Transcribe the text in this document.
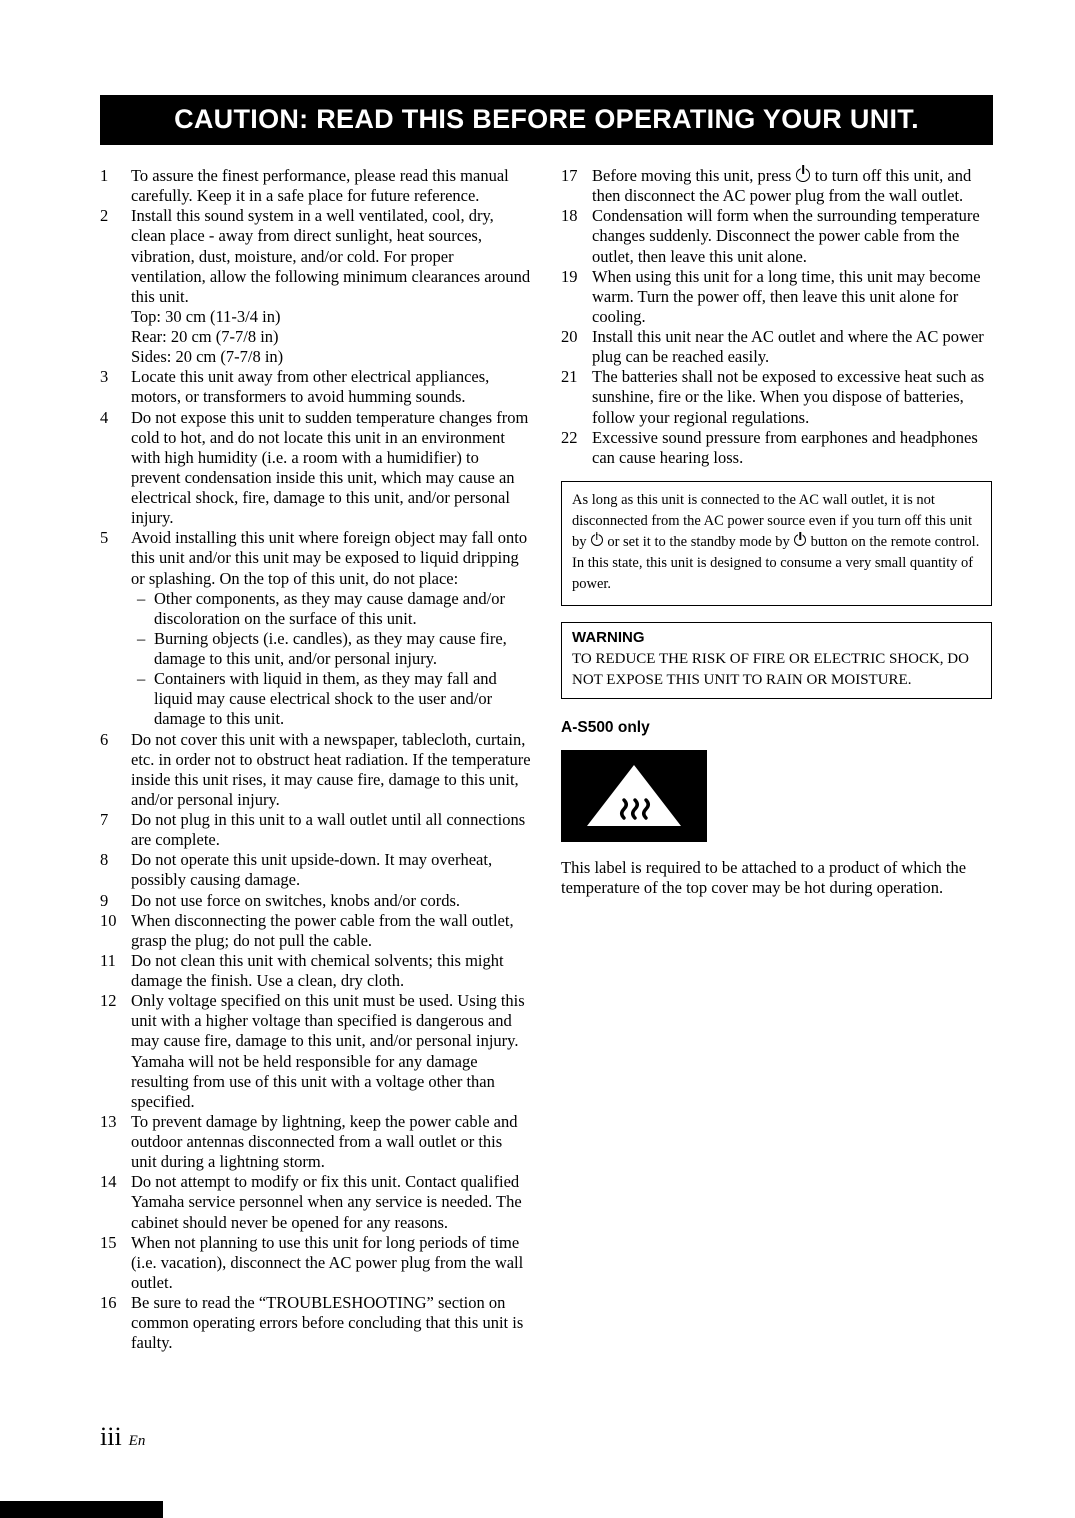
CAUTION: READ THIS BEFORE OPERATING YOUR UNIT.
1	To assure the finest performance, please read this manual carefully. Keep it in a safe place for future reference.
2	Install this sound system in a well ventilated, cool, dry, clean place - away from direct sunlight, heat sources, vibration, dust, moisture, and/or cold. For proper ventilation, allow the following minimum clearances around this unit.
Top: 30 cm (11-3/4 in)
Rear: 20 cm (7-7/8 in)
Sides: 20 cm (7-7/8 in)
3	Locate this unit away from other electrical appliances, motors, or transformers to avoid humming sounds.
4	Do not expose this unit to sudden temperature changes from cold to hot, and do not locate this unit in an environment with high humidity (i.e. a room with a humidifier) to prevent condensation inside this unit, which may cause an electrical shock, fire, damage to this unit, and/or personal injury.
5	Avoid installing this unit where foreign object may fall onto this unit and/or this unit may be exposed to liquid dripping or splashing. On the top of this unit, do not place:
– Other components, as they may cause damage and/or discoloration on the surface of this unit.
– Burning objects (i.e. candles), as they may cause fire, damage to this unit, and/or personal injury.
– Containers with liquid in them, as they may fall and liquid may cause electrical shock to the user and/or damage to this unit.
6	Do not cover this unit with a newspaper, tablecloth, curtain, etc. in order not to obstruct heat radiation. If the temperature inside this unit rises, it may cause fire, damage to this unit, and/or personal injury.
7	Do not plug in this unit to a wall outlet until all connections are complete.
8	Do not operate this unit upside-down. It may overheat, possibly causing damage.
9	Do not use force on switches, knobs and/or cords.
10 When disconnecting the power cable from the wall outlet, grasp the plug; do not pull the cable.
11 Do not clean this unit with chemical solvents; this might damage the finish. Use a clean, dry cloth.
12 Only voltage specified on this unit must be used. Using this unit with a higher voltage than specified is dangerous and may cause fire, damage to this unit, and/or personal injury. Yamaha will not be held responsible for any damage resulting from use of this unit with a voltage other than specified.
13 To prevent damage by lightning, keep the power cable and outdoor antennas disconnected from a wall outlet or this unit during a lightning storm.
14 Do not attempt to modify or fix this unit. Contact qualified Yamaha service personnel when any service is needed. The cabinet should never be opened for any reasons.
15 When not planning to use this unit for long periods of time (i.e. vacation), disconnect the AC power plug from the wall outlet.
16 Be sure to read the “TROUBLESHOOTING” section on common operating errors before concluding that this unit is faulty.
17 Before moving this unit, press to turn off this unit, and then disconnect the AC power plug from the wall outlet.
18 Condensation will form when the surrounding temperature changes suddenly. Disconnect the power cable from the outlet, then leave this unit alone.
19 When using this unit for a long time, this unit may become warm. Turn the power off, then leave this unit alone for cooling.
20 Install this unit near the AC outlet and where the AC power plug can be reached easily.
21 The batteries shall not be exposed to excessive heat such as sunshine, fire or the like. When you dispose of batteries, follow your regional regulations.
22 Excessive sound pressure from earphones and headphones can cause hearing loss.
As long as this unit is connected to the AC wall outlet, it is not disconnected from the AC power source even if you turn off this unit by or set it to the standby mode by button on the remote control. In this state, this unit is designed to consume a very small quantity of power.
WARNING
TO REDUCE THE RISK OF FIRE OR ELECTRIC SHOCK, DO NOT EXPOSE THIS UNIT TO RAIN OR MOISTURE.
A-S500 only
This label is required to be attached to a product of which the temperature of the top cover may be hot during operation.
iii En
